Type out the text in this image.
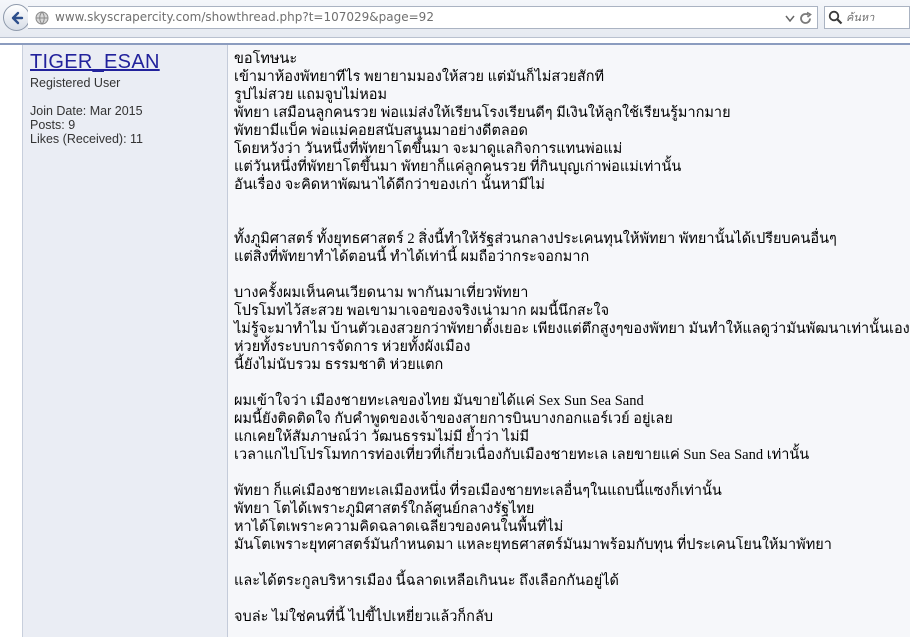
www.skyscrapercity.com/showthread.php?t=107029&page=92
ค้นหา
TIGER_ESAN
Registered User
Join Date: Mar 2015
Posts: 9
Likes (Received): 11
ขอโทษนะ
เข้ามาห้องพัทยาทีไร พยายามมองให้สวย แต่มันก็ไม่สวยสักที
รูปไม่สวย แถมจูบไม่หอม
พัทยา เสมือนลูกคนรวย พ่อแม่ส่งให้เรียนโรงเรียนดีๆ มีเงินให้ลูกใช้เรียนรู้มากมาย
พัทยามีแบ็ค พ่อแม่คอยสนับสนุนมาอย่างดีตลอด
โดยหวังว่า วันหนึ่งที่พัทยาโตขึ้นมา จะมาดูแลกิจการแทนพ่อแม่
แต่วันหนึ่งที่พัทยาโตขึ้นมา พัทยาก็แค่ลูกคนรวย ที่กินบุญเก่าพ่อแม่เท่านั้น
อันเรื่อง จะคิดหาพัฒนาได้ดีกว่าของเก่า นั้นหามีไม่
ทั้งภูมิศาสตร์ ทั้งยุทธศาสตร์ 2 สิ่งนี้ทำให้รัฐส่วนกลางประเคนทุนให้พัทยา พัทยานั้นได้เปรียบคนอื่นๆ
แต่สิ่งที่พัทยาทำได้ตอนนี้ ทำได้เท่านี้ ผมถือว่ากระจอกมาก
บางครั้งผมเห็นคนเวียดนาม พากันมาเที่ยวพัทยา
โปรโมทไว้สะสวย พอเขามาเจอของจริงเน่ามาก ผมนี้นึกสะใจ
ไม่รู้จะมาทำไม บ้านตัวเองสวยกว่าพัทยาตั้งเยอะ เพียงแต่ตึกสูงๆของพัทยา มันทำให้แลดูว่ามันพัฒนาเท่านั้นเอง
ห่วยทั้งระบบการจัดการ ห่วยทั้งผังเมือง
นี้ยังไม่นับรวม ธรรมชาติ ห่วยแตก
ผมเข้าใจว่า เมืองชายทะเลของไทย มันขายได้แค่ Sex Sun Sea Sand
ผมนี้ยังติดติดใจ กับคำพูดของเจ้าของสายการบินบางกอกแอร์เวย์ อยู่เลย
แกเคยให้สัมภาษณ์ว่า วัฒนธรรมไม่มี ย้ำว่า ไม่มี
เวลาแกไปโปรโมทการท่องเที่ยวที่เกี่ยวเนื่องกับเมืองชายทะเล เลยขายแค่ Sun Sea Sand เท่านั้น
พัทยา ก็แค่เมืองชายทะเลเมืองหนึ่ง ที่รอเมืองชายทะเลอื่นๆในแถบนี้แซงก็เท่านั้น
พัทยา โตได้เพราะภูมิศาสตร์ใกล้ศูนย์กลางรัฐไทย
หาได้โตเพราะความคิดฉลาดเฉลียวของคนในพื้นที่ไม่
มันโตเพราะยุทศาสตร์มันกำหนดมา แหละยุทธศาสตร์มันมาพร้อมกับทุน ที่ประเคนโยนให้มาพัทยา
และได้ตระกูลบริหารเมือง นี้ฉลาดเหลือเกินนะ ถึงเลือกกันอยู่ได้
จบล่ะ ไม่ใช่คนที่นี้ ไปขี้ไปเหยี่ยวแล้วก็กลับ
